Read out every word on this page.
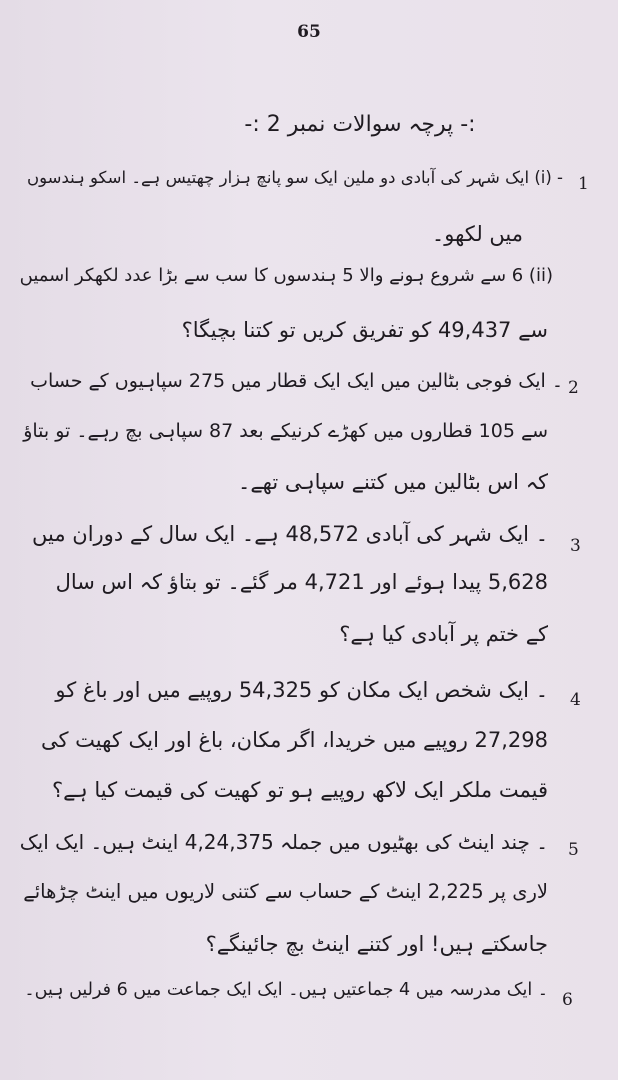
65
:- پرچہ سوالات نمبر 2 :-
1
- (i) ایک شہر کی آبادی دو ملین ایک سو پانچ ہزار چھتیس ہے۔ اسکو ہندسوں
میں لکھو۔
(ii) 6 سے شروع ہونے والا 5 ہندسوں کا سب سے بڑا عدد لکھکر اسمیں
سے 49,437 کو تفریق کریں تو کتنا بچیگا؟
2
۔ ایک فوجی بٹالین میں ایک ایک قطار میں 275 سپاہیوں کے حساب
سے 105 قطاروں میں کھڑے کرنیکے بعد 87 سپاہی بچ رہے۔ تو بتاؤ
کہ اس بٹالین میں کتنے سپاہی تھے۔
3
۔ ایک شہر کی آبادی 48,572 ہے۔ ایک سال کے دوران میں
5,628 پیدا ہوئے اور 4,721 مر گئے۔ تو بتاؤ کہ اس سال
کے ختم پر آبادی کیا ہے؟
4
۔ ایک شخص ایک مکان کو 54,325 روپیے میں اور باغ کو
27,298 روپیے میں خریدا، اگر مکان، باغ اور ایک کھیت کی
قیمت ملکر ایک لاکھ روپیے ہو تو کھیت کی قیمت کیا ہے؟
5
۔ چند اینٹ کی بھٹیوں میں جملہ 4,24,375 اینٹ ہیں۔ ایک ایک
لاری پر 2,225 اینٹ کے حساب سے کتنی لاریوں میں اینٹ چڑھائے
جاسکتے ہیں! اور کتنے اینٹ بچ جائینگے؟
6
۔ ایک مدرسہ میں 4 جماعتیں ہیں۔ ایک ایک جماعت میں 6 فرلیں ہیں۔
